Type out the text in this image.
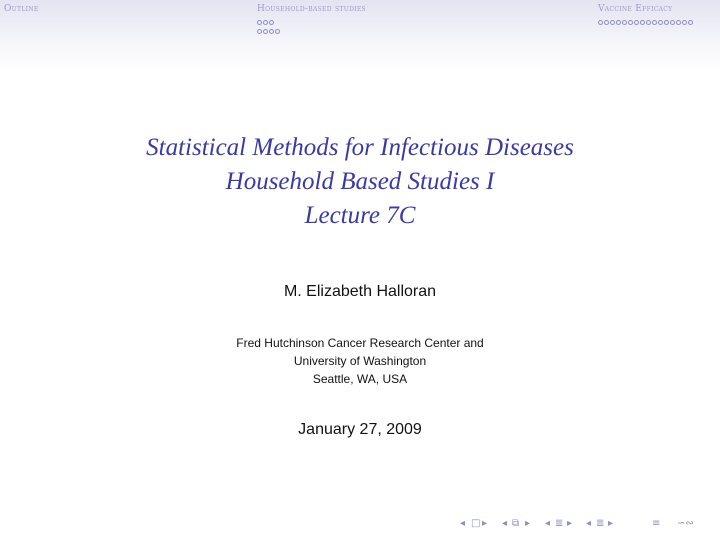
Outline	Household-based studies	Vaccine Efficacy
Statistical Methods for Infectious Diseases
Household Based Studies I
Lecture 7C
M. Elizabeth Halloran
Fred Hutchinson Cancer Research Center and
University of Washington
Seattle, WA, USA
January 27, 2009
◂ □ ▸ ◂ ⧉ ▸ ◂ ≣ ▸ ◂ ≣ ▸	≡ ∽∾
